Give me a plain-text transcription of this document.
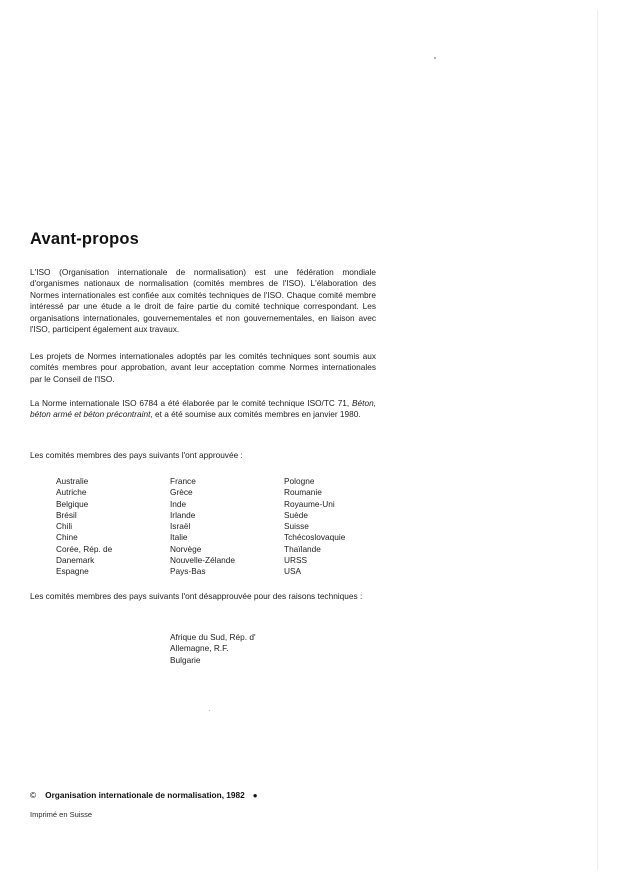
Avant-propos

L'ISO (Organisation internationale de normalisation) est une fédération mondiale d'organismes nationaux de normalisation (comités membres de l'ISO). L'élaboration des Normes internationales est confiée aux comités techniques de l'ISO. Chaque comité membre intéressé par une étude a le droit de faire partie du comité technique correspondant. Les organisations internationales, gouvernementales et non gouvernementales, en liaison avec l'ISO, participent également aux travaux.

Les projets de Normes internationales adoptés par les comités techniques sont soumis aux comités membres pour approbation, avant leur acceptation comme Normes internationales par le Conseil de l'ISO.

La Norme internationale ISO 6784 a été élaborée par le comité technique ISO/TC 71, Béton, béton armé et béton précontraint, et a été soumise aux comités membres en janvier 1980.

Les comités membres des pays suivants l'ont approuvée :

Australie
Autriche
Belgique
Brésil
Chili
Chine
Corée, Rép. de
Danemark
Espagne
France
Grèce
Inde
Irlande
Israël
Italie
Norvège
Nouvelle-Zélande
Pays-Bas
Pologne
Roumanie
Royaume-Uni
Suède
Suisse
Tchécoslovaquie
Thaïlande
URSS
USA

Les comités membres des pays suivants l'ont désapprouvée pour des raisons techniques :

Afrique du Sud, Rép. d'
Allemagne, R.F.
Bulgarie
© Organisation internationale de normalisation, 1982 ●
Imprimé en Suisse
